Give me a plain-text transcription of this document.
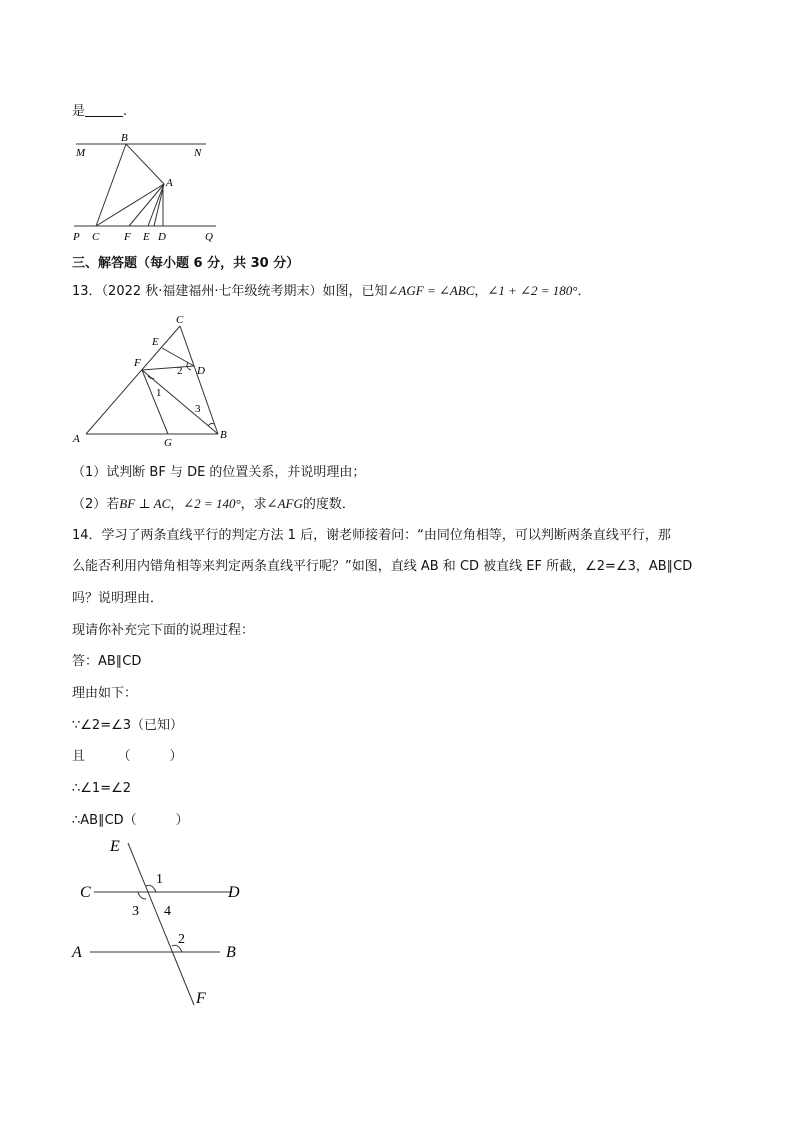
是	.
B
M	N
A
P C F E D	Q
三、解答题（每小题 6 分，共 30 分）
13．（2022 秋·福建福州·七年级统考期末）如图，已知∠AGF = ∠ABC，∠1 + ∠2 = 180°．
C
E
F
D
2
1
3
A	G
B
（1）试判断 BF 与 DE 的位置关系，并说明理由；
（2）若BF ⊥ AC，∠2 = 140°，求∠AFG的度数．
14．学习了两条直线平行的判定方法 1 后，谢老师接着问：“由同位角相等，可以判断两条直线平行，那
么能否利用内错角相等来判定两条直线平行呢？”如图，直线 AB 和 CD 被直线 EF 所截，∠2=∠3，AB∥CD
吗？说明理由．
现请你补充完下面的说理过程：
答：AB∥CD
理由如下：
∵∠2=∠3（已知）
且　　　（　　　）
∴∠1=∠2
∴AB∥CD（　　　）
E
C	D
1
3 4
A	B
2
F
